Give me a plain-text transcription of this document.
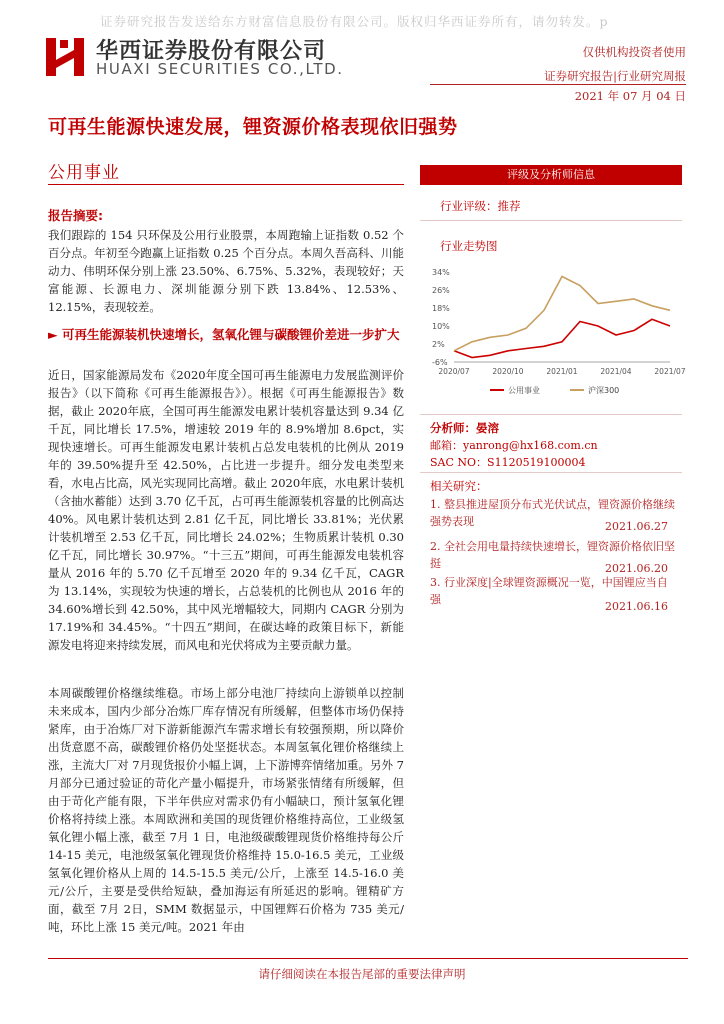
证券研究报告发送给东方财富信息股份有限公司。版权归华西证券所有，请勿转发。p
华西证券股份有限公司
HUAXI SECURITIES CO.,LTD.
仅供机构投资者使用
证券研究报告|行业研究周报
2021 年 07 月 04 日
可再生能源快速发展，锂资源价格表现依旧强势
公用事业
报告摘要:
我们跟踪的 154 只环保及公用行业股票，本周跑输上证指数 0.52 个百分点。年初至今跑赢上证指数 0.25 个百分点。本周久吾高科、川能动力、伟明环保分别上涨 23.50%、6.75%、5.32%，表现较好；天富能源、长源电力、深圳能源分别下跌 13.84%、12.53%、12.15%，表现较差。
► 可再生能源装机快速增长，氢氧化锂与碳酸锂价差进一步扩大
近日，国家能源局发布《2020年度全国可再生能源电力发展监测评价报告》（以下简称《可再生能源报告》）。根据《可再生能源报告》数据，截止 2020年底，全国可再生能源发电累计装机容量达到 9.34 亿千瓦，同比增长 17.5%，增速较 2019 年的 8.9%增加 8.6pct，实现快速增长。可再生能源发电累计装机占总发电装机的比例从 2019 年的 39.50%提升至 42.50%，占比进一步提升。细分发电类型来看，水电占比高，风光实现同比高增。截止 2020年底，水电累计装机（含抽水蓄能）达到 3.70 亿千瓦，占可再生能源装机容量的比例高达 40%。风电累计装机达到 2.81 亿千瓦，同比增长 33.81%；光伏累计装机增至 2.53 亿千瓦，同比增长 24.02%；生物质累计装机 0.30亿千瓦，同比增长 30.97%。“十三五”期间，可再生能源发电装机容量从 2016 年的 5.70 亿千瓦增至 2020 年的 9.34 亿千瓦，CAGR 为 13.14%，实现较为快速的增长，占总装机的比例也从 2016 年的 34.60%增长到 42.50%，其中风光增幅较大，同期内 CAGR 分别为 17.19%和 34.45%。“十四五”期间，在碳达峰的政策目标下，新能源发电将迎来持续发展，而风电和光伏将成为主要贡献力量。
本周碳酸锂价格继续维稳。市场上部分电池厂持续向上游锁单以控制未来成本，国内少部分冶炼厂库存情况有所缓解，但整体市场仍保持紧库，由于冶炼厂对下游新能源汽车需求增长有较强预期，所以降价出货意愿不高，碳酸锂价格仍处坚挺状态。本周氢氧化锂价格继续上涨，主流大厂对 7月现货报价小幅上调，上下游博弈情绪加重。另外 7月部分已通过验证的苛化产量小幅提升，市场紧张情绪有所缓解，但由于苛化产能有限，下半年供应对需求仍有小幅缺口，预计氢氧化锂价格将持续上涨。本周欧洲和美国的现货锂价格维持高位，工业级氢氧化锂小幅上涨，截至 7月 1 日，电池级碳酸锂现货价格维持每公斤 14-15 美元，电池级氢氧化锂现货价格维持 15.0-16.5 美元，工业级氢氧化锂价格从上周的 14.5-15.5 美元/公斤，上涨至 14.5-16.0 美元/公斤，主要是受供给短缺，叠加海运有所延迟的影响。锂精矿方面，截至 7月 2日，SMM 数据显示，中国锂辉石价格为 735 美元/吨，环比上涨 15 美元/吨。2021 年由
评级及分析师信息
行业评级：推荐
行业走势图
34%
26%
18%
10%
2%
-6%
2020/07	2020/10	2021/01	2021/04	2021/07
公用事业	沪深300
分析师：晏溶
邮箱：yanrong@hx168.com.cn
SAC NO：S1120519100004
相关研究：
1. 整县推进屋顶分布式光伏试点，锂资源价格继续强势表现	2021.06.27
2. 全社会用电量持续快速增长，锂资源价格依旧坚挺	2021.06.20
3. 行业深度|全球锂资源概况一览，中国锂应当自强
2021.06.16
请仔细阅读在本报告尾部的重要法律声明
